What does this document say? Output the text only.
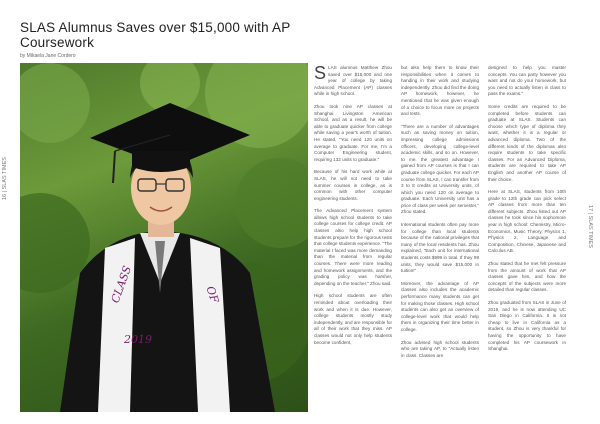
SLAS Alumnus Saves over $15,000 with AP Coursework
by Mikaela Jane Cordero
CLASS	OF
2019
16 | SLAS TIMES
17 | SLAS TIMES

SLAS alumnus Matthew Zhou saved over $15,000 and one year of college by taking Advanced Placement (AP) classes while in high school.

Zhou took nine AP classes at Shanghai Livingston American School, and as a result, he will be able to graduate quicker from college while saving a year's worth of tuition. He stated, "You need 120 units on average to graduate. For me, I'm a Computer Engineering student, requiring 132 units to graduate."

Because of his hard work while at SLAS, he will not need to take summer courses in college, as is common with other computer engineering students.

The Advanced Placement system allows high school students to take college courses for college credit. AP classes also help high school students prepare for the rigorous tests that college students experience. "The material I faced was more demanding than the material from regular courses. There were more reading and homework assignments, and the grading policy was harsher, depending on the teacher," Zhou said.

High school students are often reminded about overloading their work and when it is due. However, college students mostly study independently, and are responsible for all of their work that they miss. AP classes would not only help students become confident,

but also help them to know their responsibilities when it comes to handing in their work and studying independently. Zhou did find the doing AP homework, however, he mentioned that he was given enough of a choice to focus more on projects and tests.

"There are a number of advantages such as saving money on tuition, impressing college admissions officers, developing college-level academic skills, and so on. However, to me, the greatest advantage I gained from AP courses is that I can graduate college quicker. For each AP course from SLAS, I can transfer from 3 to 8 credits at University units, of which you need 120 on average to graduate. Each University unit has a price of class per week per semester," Zhou stated.

International students often pay more for college than local students because of the national privileges that many of the local residents has. Zhou explained, "Each unit for international students costs $999 in total. If they 99 units, they would save $15,000 in tuition!"

Moreover, the advantage of AP classes also includes the academic performance many students can get for making those classes. High school students can also get an overview of college-level work that would help them in organizing their time better in college.

Zhou advised high school students who are taking AP, to "Actually listen in class. Classes are

designed to help you master concepts. You can party however you want and not do your homework, but you need to actually listen in class to pass the exams."

Some credits are required to be completed before students can graduate at SLAS. Students can choose which type of diploma they want, whether it is a regular or advanced diploma. Two of the different kinds of the diplomas also require students to take specific classes. For an Advanced Diploma, students are required to take AP English and another AP course of their choice.

Here at SLAS, students from 10th grade to 12th grade can pick select AP classes from more than ten different subjects. Zhou listed out AP classes he took since his sophomore year in high school: Chemistry, Micro-Economics, Music Theory, Physics 1, Physics 2, Language and Composition, Chinese, Japanese and Calculus AB.

Zhou stated that he met felt pressure from the amount of work that AP classes gave him, and how the concepts of the subjects were more detailed than regular classes.

Zhou graduated from SLAS in June of 2019, and he is now attending UC San Diego in California. It is not cheap to live in California as a student, so Zhou is very thankful for having the opportunity to have completed his AP coursework in Shanghai.
